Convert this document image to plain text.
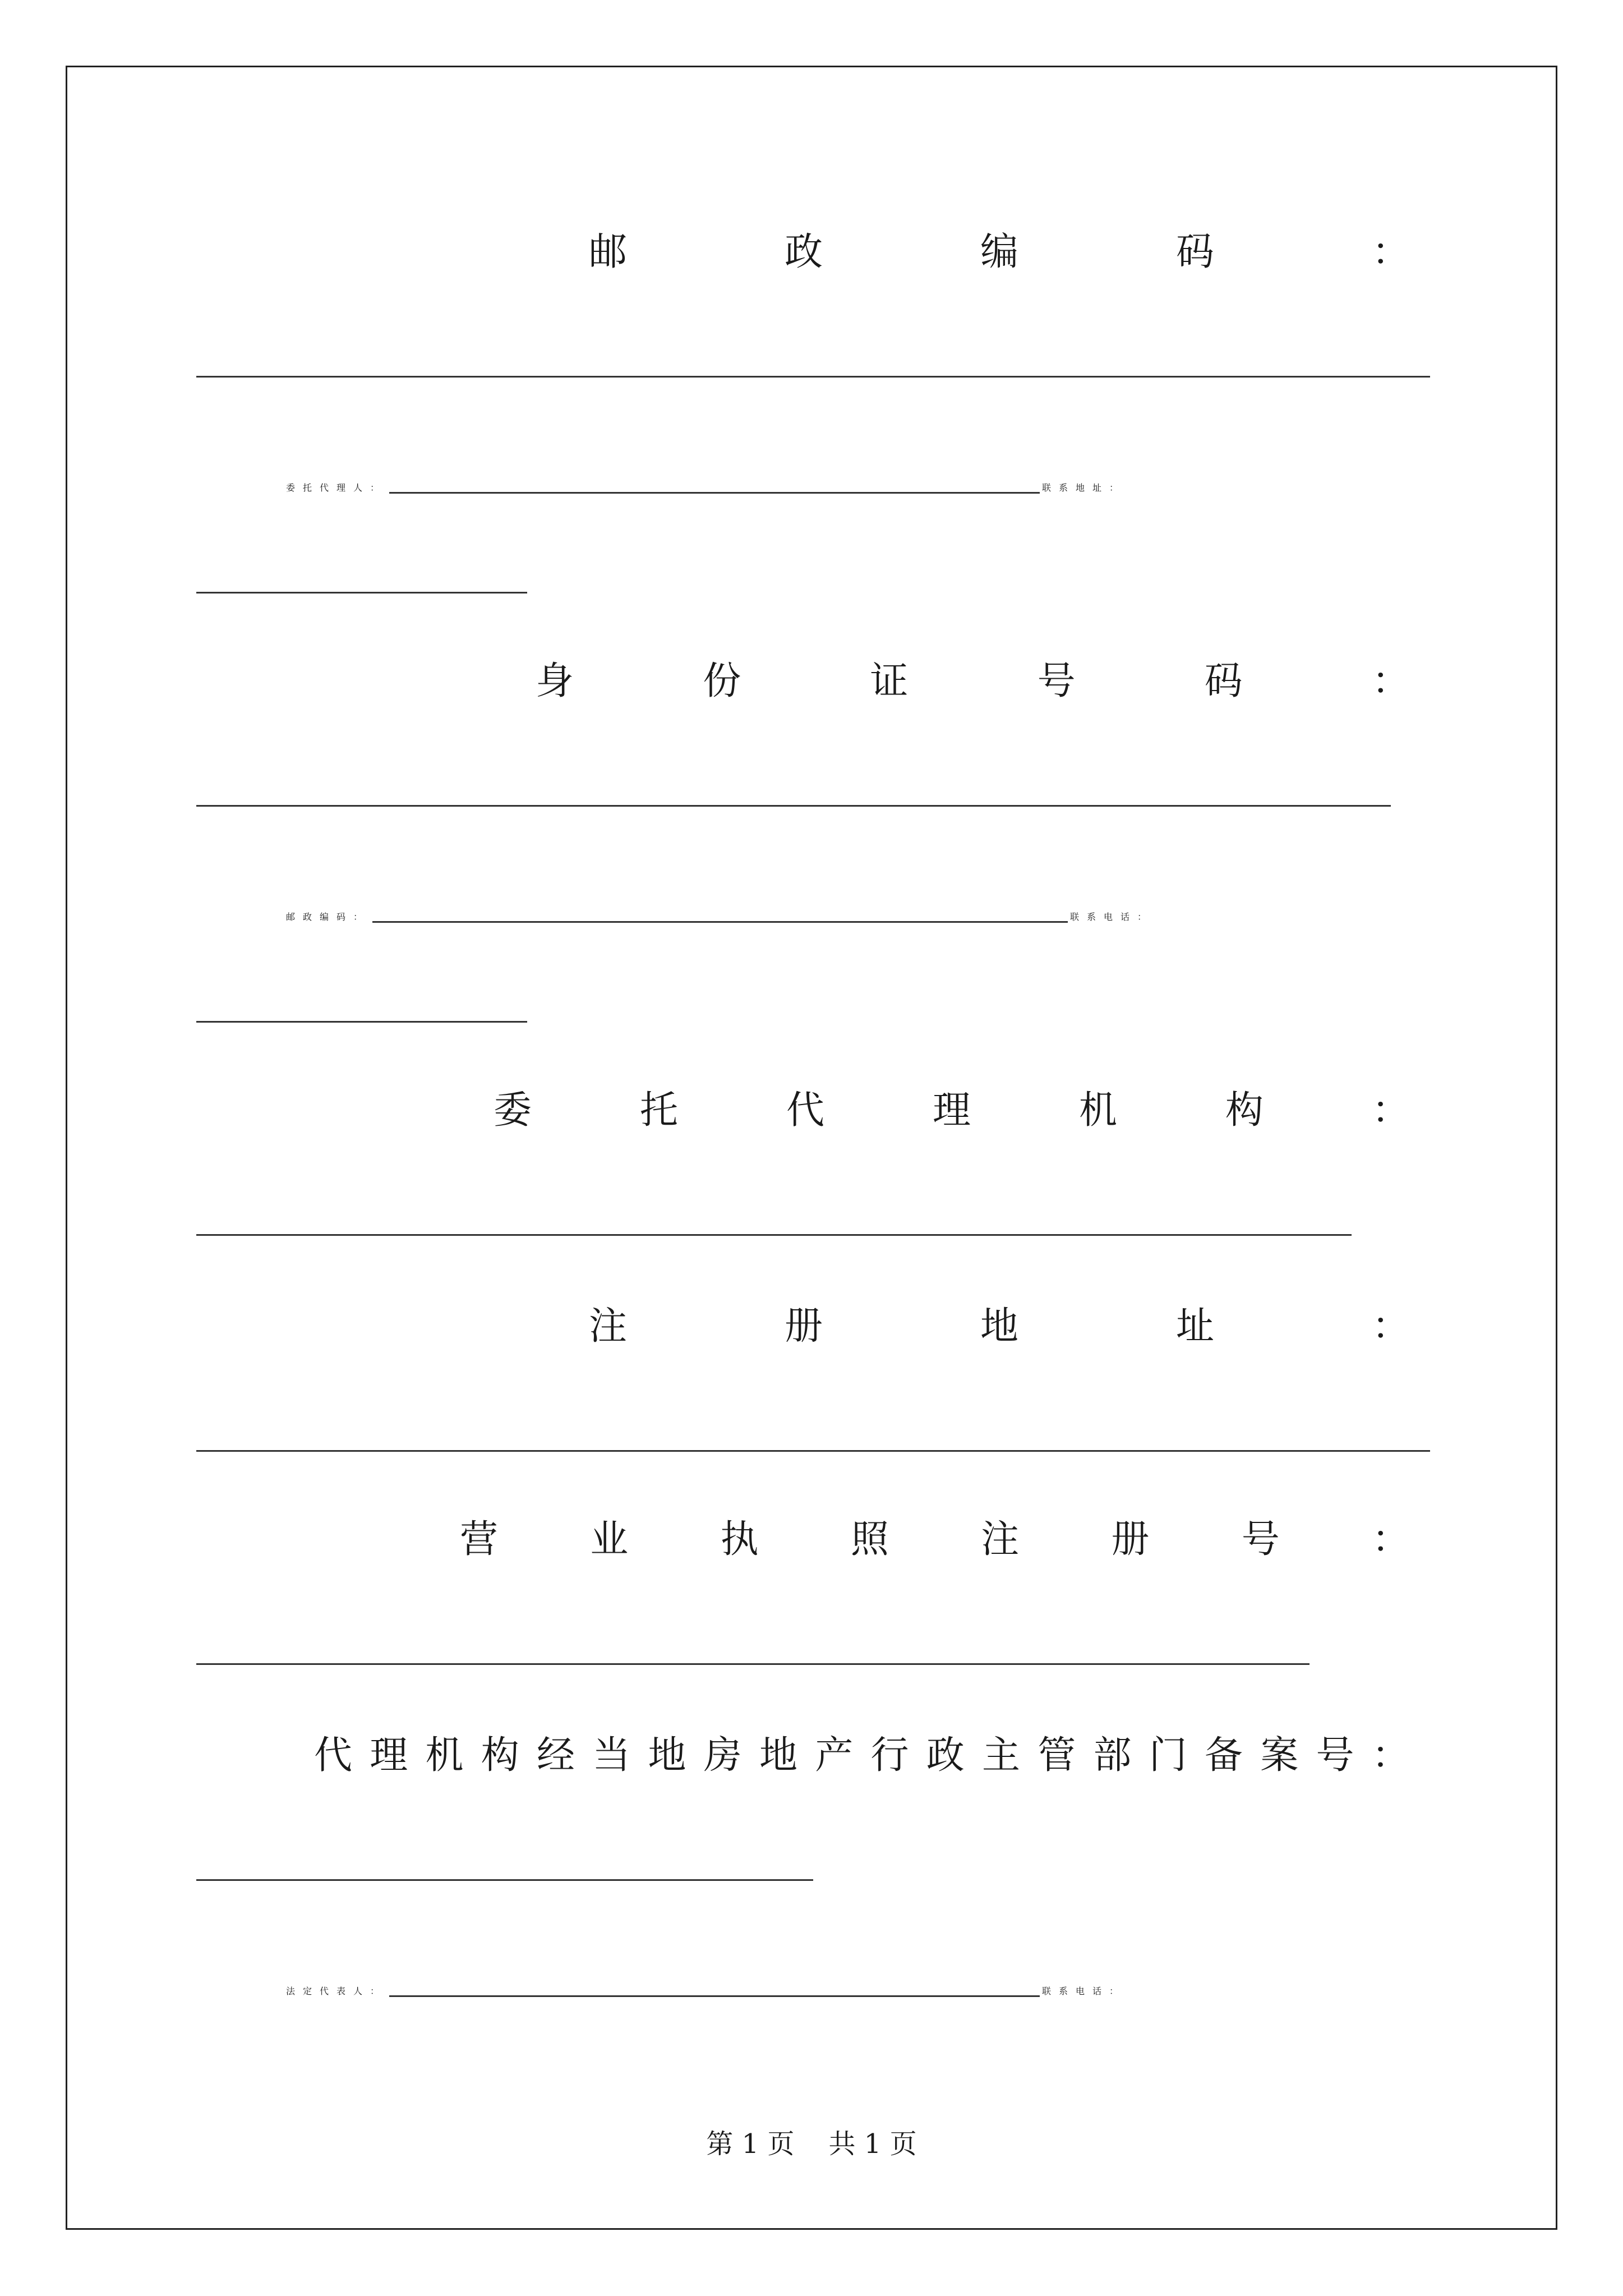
邮	政	编	码	：
委托代理人：	联系地址：
身	份	证	号	码	：
邮政编码：	联系电话：
委	托	代	理	机	构	：
注	册	地	址	：
营 业 执 照 注 册 号 ：
代 理 机 构 经 当 地 房 地 产 行 政 主 管 部 门 备 案 号 ：
法定代表人：	联系电话：
第 1 页    共 1 页
